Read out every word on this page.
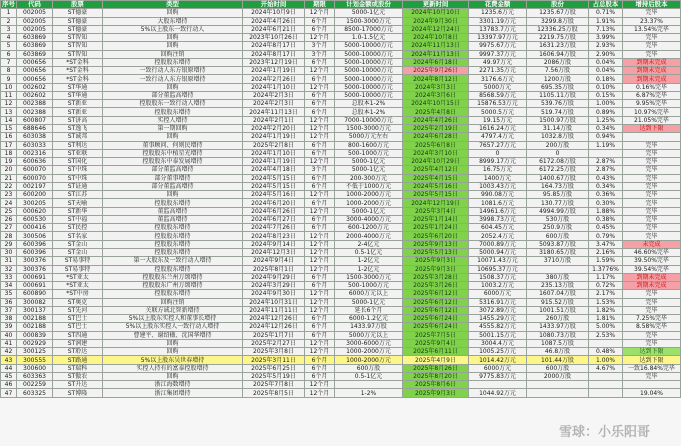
序号	代码	股票	类型	开始时间	期限	计划金额或股份	更新时间	花费金额	股份	占总股本	增持后股本
1	002005	ST德豪	回购	2024年10月9日	12个月	5000-1亿元	2024年10月10日	1235.6万元	1235.67万股	0.71%	完毕
2	002005	ST德豪	大股东增持	2024年4月26日	6个月	1500-3000万元	2024年9月30日	3301.19万元	3299.8万股	1.91%	23.37%
3	002005	ST德豪	5%以上股东一致行动人	2024年6月21日	6个月	8500-17000万元	2024年12月24日	13783.7万元	12336.25万股	7.13%	13.54%完毕
4	603869	ST智知	回购	2023年10月26日	12个月	1.0-1.5亿元	2024年10月8日	13397.97万元	2219.75万股	3.99%	完毕
5	603869	ST智知	回购	2024年8月17日	3个月	5000-10000万元	2024年11月13日	9975.67万元	1631.23万股	2.93%	完毕
6	603869	ST智知	回购注销	2024年8月17日	3个月	5000-10000万元	2024年11月13日	9997.37万元	1606.94万股	2.90%	完毕
7	000656	*ST金科	控股股东增持	2023年12月19日	6个月	5000-10000万元	2024年6月18日	49.97万元	2086万股	0.04%	到期未完成
8	000656	*ST金科	一致行动人东方银原增持	2024年1月19日	12个月	5000-10000万元	2025年9月26日	2271.35万元	7.56万股	0.04%	到期未完成
9	000656	*ST金科	一致行动人东方银原增持	2024年2月26日	6个月	5000-10000万元	2024年8月12日	3176.6万元	1200万股	0.18%	到期未完成
10	002602	ST华通	回购	2024年1月10日	12个月	5000-10000万元	2024年3月3日	5000万元	695.35万股	0.10%	0.16%完毕
11	002602	ST华通	部分董监高增持	2024年2月3日	6个月	5000-10000万元	2024年3月6日	8568.59万元	1105.11万股	0.15%	6.87%完毕
12	002388	ST新亚	控股股东一致行动人增持	2024年2月3日	6个月	总股本1-2%	2024年10月15日	15876.53万元	539.76万股	1.00%	9.95%完毕
13	002388	ST新亚	控股股东增持	2024年11月13日	6个月	总股本1-2%	2025年4月8日	5000.5万元	519.74万股	0.89%	10.97%完毕
14	600807	ST济高	实控人增持	2024年2月1日	12个月	7000-10000万元	2024年4月26日	19.15万元	1500.97万股	1.25%	21.05%完毕
15	688646	ST逸飞	第一期回购	2024年2月20日	12个月	1500-3000万元	2025年2月19日	1616.24万元	31.14万股	0.34%	达到下限
16	603038	ST诚邦	回购	2024年1月19日	12个月	5000万元左右	2024年6月28日	4797.4万元	1032.8万股	0.94%	
17	603033	ST利达	董事顾问、何则民增持	2025年2月8日	6个月	800-1600万元	2025年6月8日	7657.27万元	200万股	1.19%	完毕
18	002316	ST亚联	控股股东中植星光增持	2024年1月10日	6个月	500-1000万元	2024年3月10日	0	0		完毕
19	600636	ST国化	控股股东中泰发展增持	2024年1月19日	12个月	5000-1亿元	2024年10月29日	8999.17万元	6172.08万股	2.87%	完毕
20	600070	ST中珠	部分董监高增持	2024年4月18日	3个月	5000-1亿元	2025年4月12日	16.75万元	6172.25万股	2.87%	完毕
21	600070	ST中珠	部分董事增持	2024年5月15日	6个月	200-300万元	2025年4月15日	1400万元	1400.67万股	0.43%	完毕
22	002197	ST证通	部分董监高增持	2024年5月15日	6个月	不低于1000万元	2024年5月16日	1003.43万元	164.73万股	0.34%	完毕
23	600200	ST江苏	回购	2024年5月16日	12个月	1000-2000万元	2025年5月15日	990.08万元	95.85万股	0.36%	完毕
24	300205	ST天喻	控股股东增持	2024年6月20日	6个月	1000-2000万元	2024年12月19日	1081.6万元	130.77万股	0.30%	完毕
25	000620	ST新华	董监高增持	2024年6月26日	12个月	5000-1亿元	2025年3月4日	14961.6万元	4994.99万股	1.88%	完毕
26	600530	ST中福	董监高增持	2024年6月27日	6个月	3000-4000万元	2025年1月14日	3998.73万元	530万股	0.38%	完毕
27	000416	ST民控	控股股东增持	2024年7月26日	6个月	600-1200万元	2025年1月24日	604.45万元	250.9万股	0.45%	完毕
28	300506	ST名家	控股股东增持	2024年8月23日	12个月	2000-4000万元	2025年6月20日	2052.4万元	600万股	0.79%	完毕
29	600396	ST金山	控股股东增持	2024年9月14日	12个月	2-4亿元	2025年9月13日	7000.89万元	5093.87万股	3.47%	未完成
30	600396	ST金山	控股股东增持	2024年12月3日	12个月	0.5-1亿元	2025年5月13日	5000.94万元	3180.65万股	2.16%	46.60%完毕
31	300376	ST易事特	第一大股东及一致行动人增持	2024年9月4日	12个月	1-2亿元	2025年9月3日	10071.43万元	3710万股	1.59%	39.50%完毕
32	300376	ST易事特	控股股东增持	2025年8月1日	12个月	1-2亿元	2025年9月3日	10695.37万元		1.3776%	39.54%完毕
33	000691	*ST亚太	控股股东兰州万颂增持	2024年9月29日	6个月	1500-3000万元	2025年3月28日	1508.37万元	380万股	1.17%	到期未完成
34	000691	*ST亚太	控股股东广州万颂增持	2024年3月29日	6个月	500-1000万元	2025年3月26日	1003.2万元	235.13万股	0.72%	到期未完成
35	600890	*ST中房	控股股东增持	2024年9月30日	12个月	6000万元以上	2025年6月12日	6000万元	1607.04万股	2.17%	完毕
36	300082	ST奥克	回购注销	2024年10月31日	12个月	5000-1亿元	2025年6月12日	5316.91万元	915.52万股	1.53%	完毕
37	300137	ST先河	关联方诚北智新增持	2024年11月11日	12个月	延长6个月	2025年6月12日	3072.89万元	1001.51万股	1.82%	完毕
38	002188	ST巴士	5%以上股东实控人和董事长增持	2024年12月26日	6个月	6000-1.2亿元	2025年6月24日	1455.29万元	260万股	1.81%	7.25%完毕
39	002188	ST巴士	5%以上股东实控人一致行动人增持	2024年12月26日	6个月	1433.97万股	2025年6月24日	4555.82万元	1433.97万股	5.00%	8.58%完毕
40	000839	ST四通	曹建平、谢绍楹、沈国华增持	2025年1月7日	6个月	5000万元以上	2025年7月5日	5001.15万元	1080.73万股	2.53%	完毕
41	002929	ST润建	回购	2025年2月27日	12个月	3000-6000万元	2025年9月4日	3004.4万元	1087.5万股		完毕
42	300125	ST聆达	回购	2025年3月8日	12个月	1000-2000万元	2025年6月11日	1005.25万元	46.8万股	0.48%	达到下限
43	300555	ST路通	5%以上股东吴世春增持	2025年3月11日	6个月	1000-2000万元	2025年4月9日	1014.42万元	101.44万股	1.00%	达到下限
44	300600	ST瑞科	实控人持有的富泰控股增持	2025年6月25日	6个月	600万股	2025年8月26日	6000万元	600万股	4.67%	一致16.84%完毕
45	603363	ST傲农	回购	2025年5月19日	6个月	0.5-1亿元	2025年8月20日	9775.83万元	2000万股		完毕
46	002259	ST升达	浙江海数增持	2025年7月8日	12个月		2025年8月6日				
47	603325	ST博隆	浙江集团增持	2025年8月5日	12个月	1-2%	2025年9月3日	1044.92万元			19.04%
雪球：小乐阳哥
